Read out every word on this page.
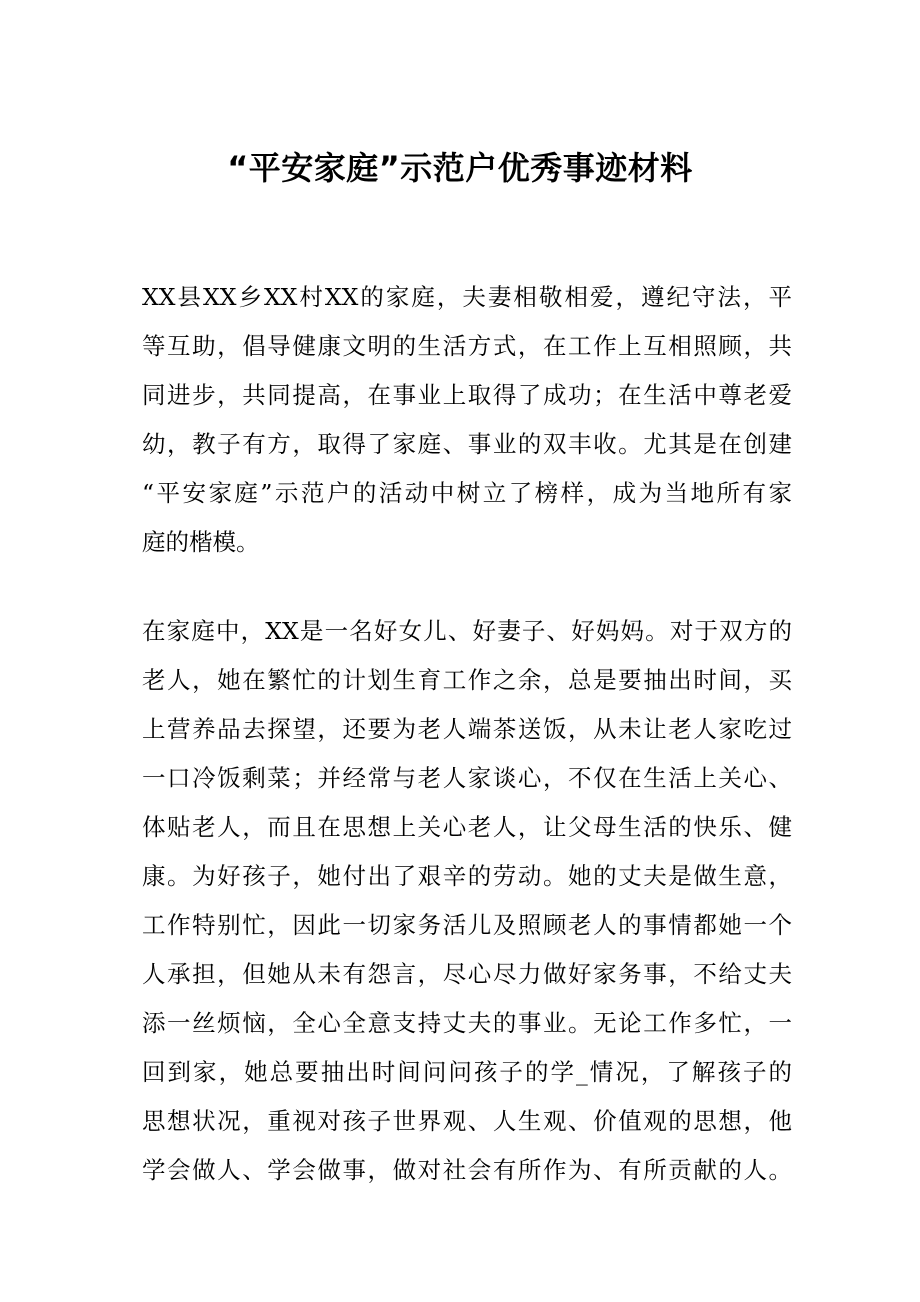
“平安家庭”示范户优秀事迹材料
XX县XX乡XX村XX的家庭，夫妻相敬相爱，遵纪守法，平
等互助，倡导健康文明的生活方式，在工作上互相照顾，共
同进步，共同提高，在事业上取得了成功；在生活中尊老爱
幼，教子有方，取得了家庭、事业的双丰收。尤其是在创建
“平安家庭”示范户的活动中树立了榜样，成为当地所有家
庭的楷模。
在家庭中，XX是一名好女儿、好妻子、好妈妈。对于双方的
老人，她在繁忙的计划生育工作之余，总是要抽出时间，买
上营养品去探望，还要为老人端茶送饭，从未让老人家吃过
一口冷饭剩菜；并经常与老人家谈心，不仅在生活上关心、
体贴老人，而且在思想上关心老人，让父母生活的快乐、健
康。为好孩子，她付出了艰辛的劳动。她的丈夫是做生意，
工作特别忙，因此一切家务活儿及照顾老人的事情都她一个
人承担，但她从未有怨言，尽心尽力做好家务事，不给丈夫
添一丝烦恼，全心全意支持丈夫的事业。无论工作多忙，一
回到家，她总要抽出时间问问孩子的学_情况，了解孩子的
思想状况，重视对孩子世界观、人生观、价值观的思想，他
学会做人、学会做事，做对社会有所作为、有所贡献的人。
